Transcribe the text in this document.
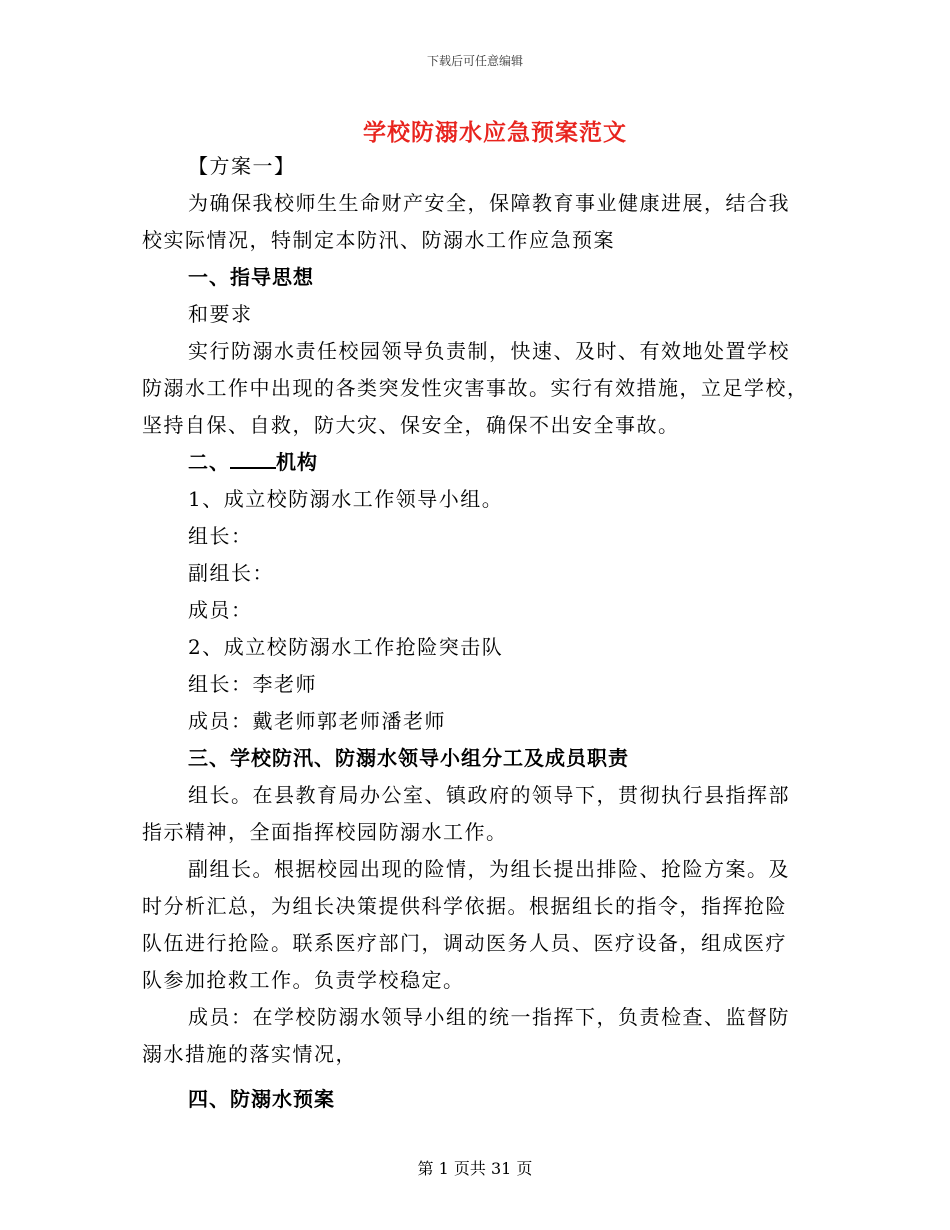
下载后可任意编辑
学校防溺水应急预案范文
【方案一】
为确保我校师生生命财产安全，保障教育事业健康进展，结合我
校实际情况，特制定本防汛、防溺水工作应急预案
一、指导思想
和要求
实行防溺水责任校园领导负责制，快速、及时、有效地处置学校
防溺水工作中出现的各类突发性灾害事故。实行有效措施，立足学校，
坚持自保、自救，防大灾、保安全，确保不出安全事故。
二、 机构
1、成立校防溺水工作领导小组。
组长：
副组长：
成员：
2、成立校防溺水工作抢险突击队
组长：李老师
成员：戴老师郭老师潘老师
三、学校防汛、防溺水领导小组分工及成员职责
组长。在县教育局办公室、镇政府的领导下，贯彻执行县指挥部
指示精神，全面指挥校园防溺水工作。
副组长。根据校园出现的险情，为组长提出排险、抢险方案。及
时分析汇总，为组长决策提供科学依据。根据组长的指令，指挥抢险
队伍进行抢险。联系医疗部门，调动医务人员、医疗设备，组成医疗
队参加抢救工作。负责学校稳定。
成员：在学校防溺水领导小组的统一指挥下，负责检查、监督防
溺水措施的落实情况，
四、防溺水预案
第 1 页共 31 页
